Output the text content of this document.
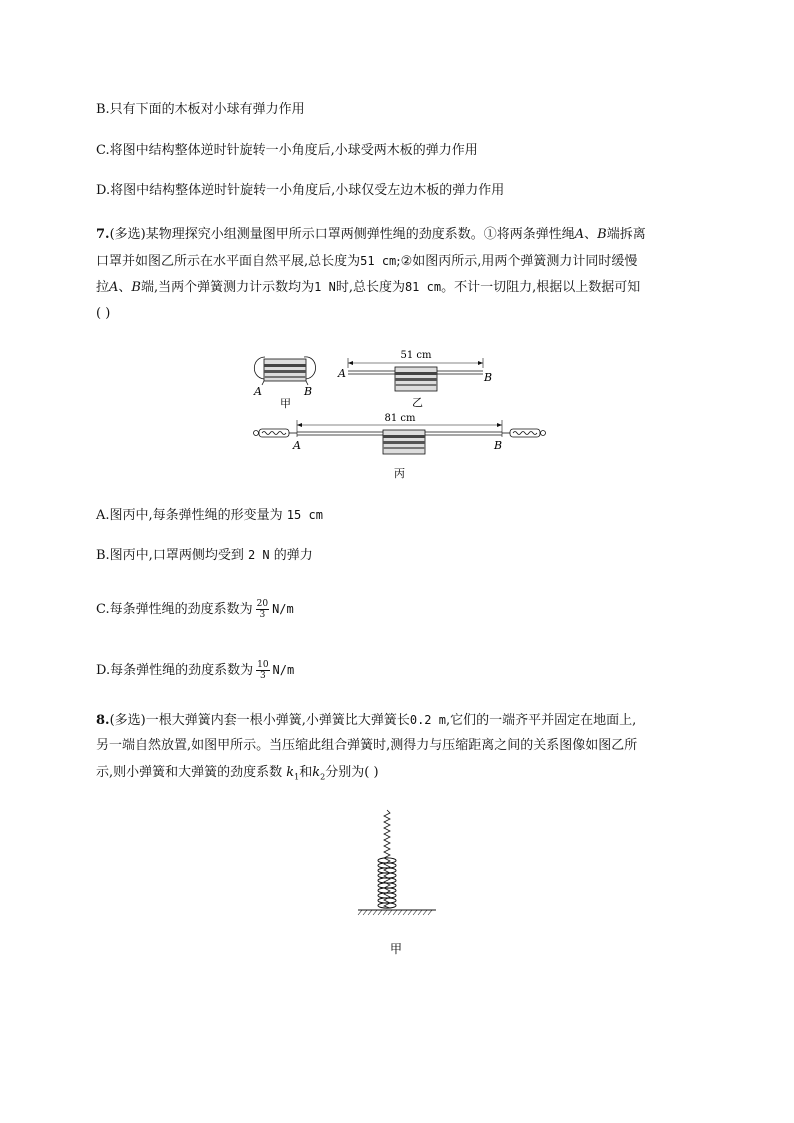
B.只有下面的木板对小球有弹力作用
C.将图中结构整体逆时针旋转一小角度后,小球受两木板的弹力作用
D.将图中结构整体逆时针旋转一小角度后,小球仅受左边木板的弹力作用
7.(多选)某物理探究小组测量图甲所示口罩两侧弹性绳的劲度系数。①将两条弹性绳A、B端拆离
口罩并如图乙所示在水平面自然平展,总长度为51 cm;②如图丙所示,用两个弹簧测力计同时缓慢
拉A、B端,当两个弹簧测力计示数均为1 N时,总长度为81 cm。不计一切阻力,根据以上数据可知
( )
A	B
甲
51 cm
A	B
乙
81 cm
A	B
丙
A.图丙中,每条弹性绳的形变量为 15 cm
B.图丙中,口罩两侧均受到 2 N 的弹力
C.每条弹性绳的劲度系数为 $\frac{20}{3} N/m$
D.每条弹性绳的劲度系数为 $\frac{10}{3} N/m$
8.(多选)一根大弹簧内套一根小弹簧,小弹簧比大弹簧长0.2 m,它们的一端齐平并固定在地面上,
另一端自然放置,如图甲所示。当压缩此组合弹簧时,测得力与压缩距离之间的关系图像如图乙所
示,则小弹簧和大弹簧的劲度系数 $k_1$和$k_2$分别为( )
甲
